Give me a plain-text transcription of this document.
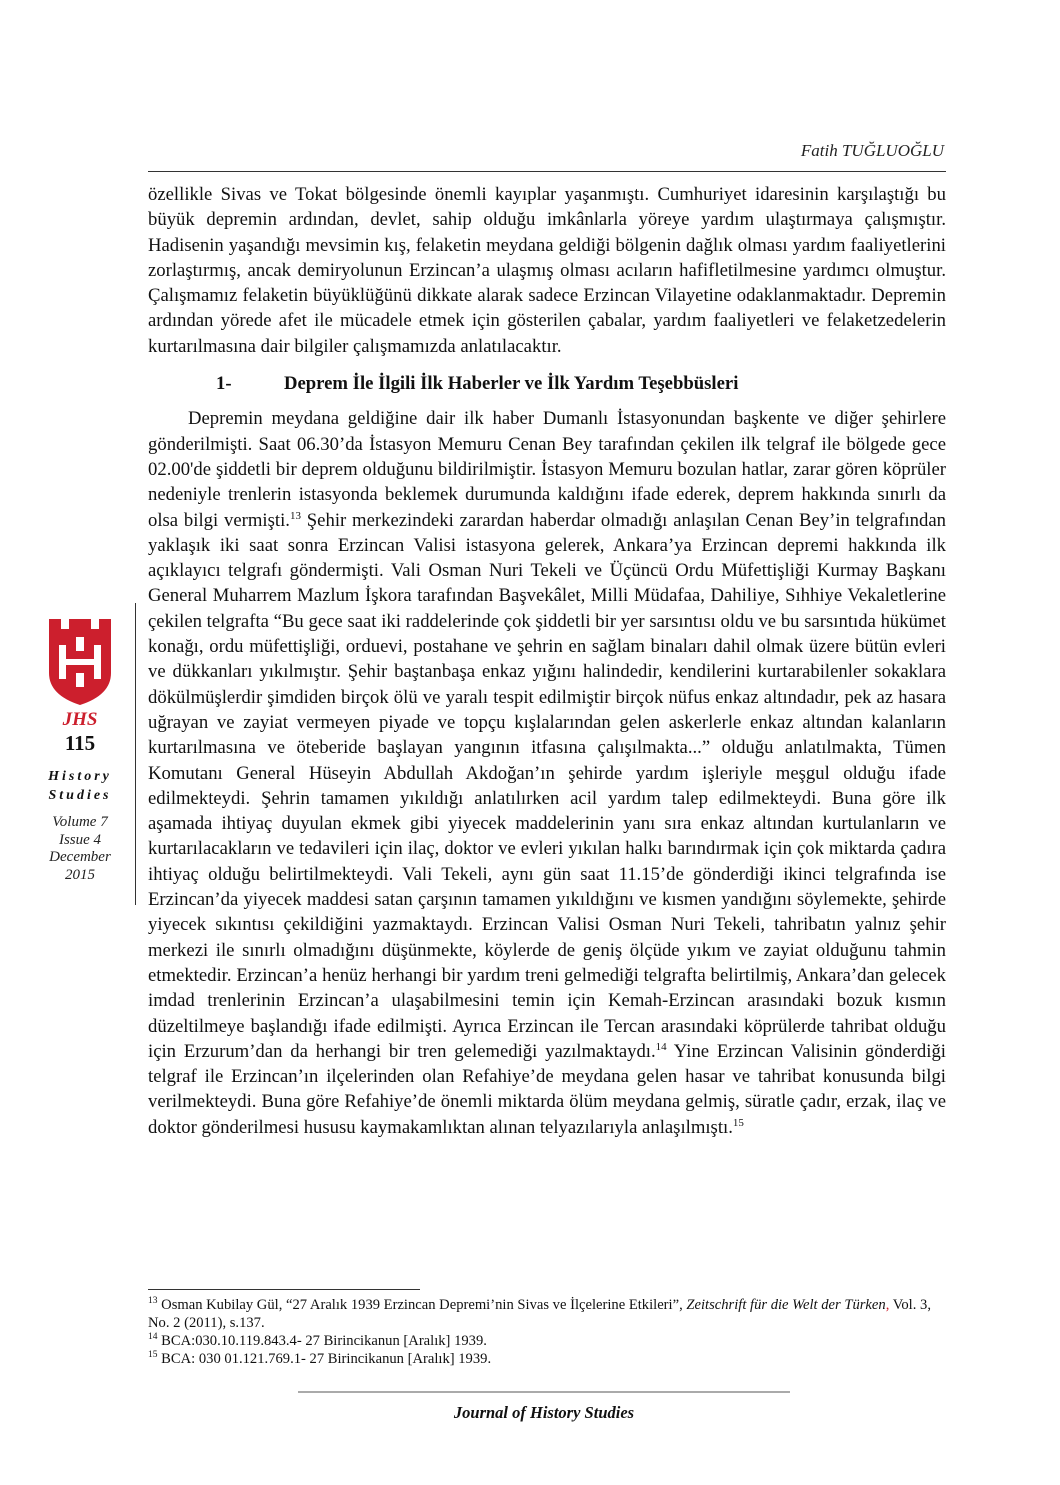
Fatih TUĞLUOĞLU
JHS
115
History
Studies
Volume 7
Issue 4
December
2015

özellikle Sivas ve Tokat bölgesinde önemli kayıplar yaşanmıştı. Cumhuriyet idaresinin karşılaştığı bu büyük depremin ardından, devlet, sahip olduğu imkânlarla yöreye yardım ulaştırmaya çalışmıştır. Hadisenin yaşandığı mevsimin kış, felaketin meydana geldiği bölgenin dağlık olması yardım faaliyetlerini zorlaştırmış, ancak demiryolunun Erzincan’a ulaşmış olması acıların hafifletilmesine yardımcı olmuştur. Çalışmamız felaketin büyüklüğünü dikkate alarak sadece Erzincan Vilayetine odaklanmaktadır. Depremin ardından yörede afet ile mücadele etmek için gösterilen çabalar, yardım faaliyetleri ve felaketzedelerin kurtarılmasına dair bilgiler çalışmamızda anlatılacaktır.

1-	Deprem İle İlgili İlk Haberler ve İlk Yardım Teşebbüsleri

Depremin meydana geldiğine dair ilk haber Dumanlı İstasyonundan başkente ve diğer şehirlere gönderilmişti. Saat 06.30’da İstasyon Memuru Cenan Bey tarafından çekilen ilk telgraf ile bölgede gece 02.00'de şiddetli bir deprem olduğunu bildirilmiştir. İstasyon Memuru bozulan hatlar, zarar gören köprüler nedeniyle trenlerin istasyonda beklemek durumunda kaldığını ifade ederek, deprem hakkında sınırlı da olsa bilgi vermişti.$^{13}$ Şehir merkezindeki zarardan haberdar olmadığı anlaşılan Cenan Bey’in telgrafından yaklaşık iki saat sonra Erzincan Valisi istasyona gelerek, Ankara’ya Erzincan depremi hakkında ilk açıklayıcı telgrafı göndermişti. Vali Osman Nuri Tekeli ve Üçüncü Ordu Müfettişliği Kurmay Başkanı General Muharrem Mazlum İşkora tarafından Başvekâlet, Milli Müdafaa, Dahiliye, Sıhhiye Vekaletlerine çekilen telgrafta “Bu gece saat iki raddelerinde çok şiddetli bir yer sarsıntısı oldu ve bu sarsıntıda hükümet konağı, ordu müfettişliği, orduevi, postahane ve şehrin en sağlam binaları dahil olmak üzere bütün evleri ve dükkanları yıkılmıştır. Şehir baştanbaşa enkaz yığını halindedir, kendilerini kurtarabilenler sokaklara dökülmüşlerdir şimdiden birçok ölü ve yaralı tespit edilmiştir birçok nüfus enkaz altındadır, pek az hasara uğrayan ve zayiat vermeyen piyade ve topçu kışlalarından gelen askerlerle enkaz altından kalanların kurtarılmasına ve öteberide başlayan yangının itfasına çalışılmakta...” olduğu anlatılmakta, Tümen Komutanı General Hüseyin Abdullah Akdoğan’ın şehirde yardım işleriyle meşgul olduğu ifade edilmekteydi. Şehrin tamamen yıkıldığı anlatılırken acil yardım talep edilmekteydi. Buna göre ilk aşamada ihtiyaç duyulan ekmek gibi yiyecek maddelerinin yanı sıra enkaz altından kurtulanların ve kurtarılacakların ve tedavileri için ilaç, doktor ve evleri yıkılan halkı barındırmak için çok miktarda çadıra ihtiyaç olduğu belirtilmekteydi. Vali Tekeli, aynı gün saat 11.15’de gönderdiği ikinci telgrafında ise Erzincan’da yiyecek maddesi satan çarşının tamamen yıkıldığını ve kısmen yandığını söylemekte, şehirde yiyecek sıkıntısı çekildiğini yazmaktaydı. Erzincan Valisi Osman Nuri Tekeli, tahribatın yalnız şehir merkezi ile sınırlı olmadığını düşünmekte, köylerde de geniş ölçüde yıkım ve zayiat olduğunu tahmin etmektedir. Erzincan’a henüz herhangi bir yardım treni gelmediği telgrafta belirtilmiş, Ankara’dan gelecek imdad trenlerinin Erzincan’a ulaşabilmesini temin için Kemah-Erzincan arasındaki bozuk kısmın düzeltilmeye başlandığı ifade edilmişti. Ayrıca Erzincan ile Tercan arasındaki köprülerde tahribat olduğu için Erzurum’dan da herhangi bir tren gelemediği yazılmaktaydı.$^{14}$ Yine Erzincan Valisinin gönderdiği telgraf ile Erzincan’ın ilçelerinden olan Refahiye’de meydana gelen hasar ve tahribat konusunda bilgi verilmekteydi. Buna göre Refahiye’de önemli miktarda ölüm meydana gelmiş, süratle çadır, erzak, ilaç ve doktor gönderilmesi hususu kaymakamlıktan alınan telyazılarıyla anlaşılmıştı.$^{15}$

$^{13}$ Osman Kubilay Gül, “27 Aralık 1939 Erzincan Depremi’nin Sivas ve İlçelerine Etkileri”, Zeitschrift für die Welt der Türken, Vol. 3, No. 2 (2011), s.137.

$^{14}$ BCA:030.10.119.843.4- 27 Birincikanun [Aralık] 1939.

$^{15}$ BCA: 030 01.121.769.1- 27 Birincikanun [Aralık] 1939.

Journal of History Studies
